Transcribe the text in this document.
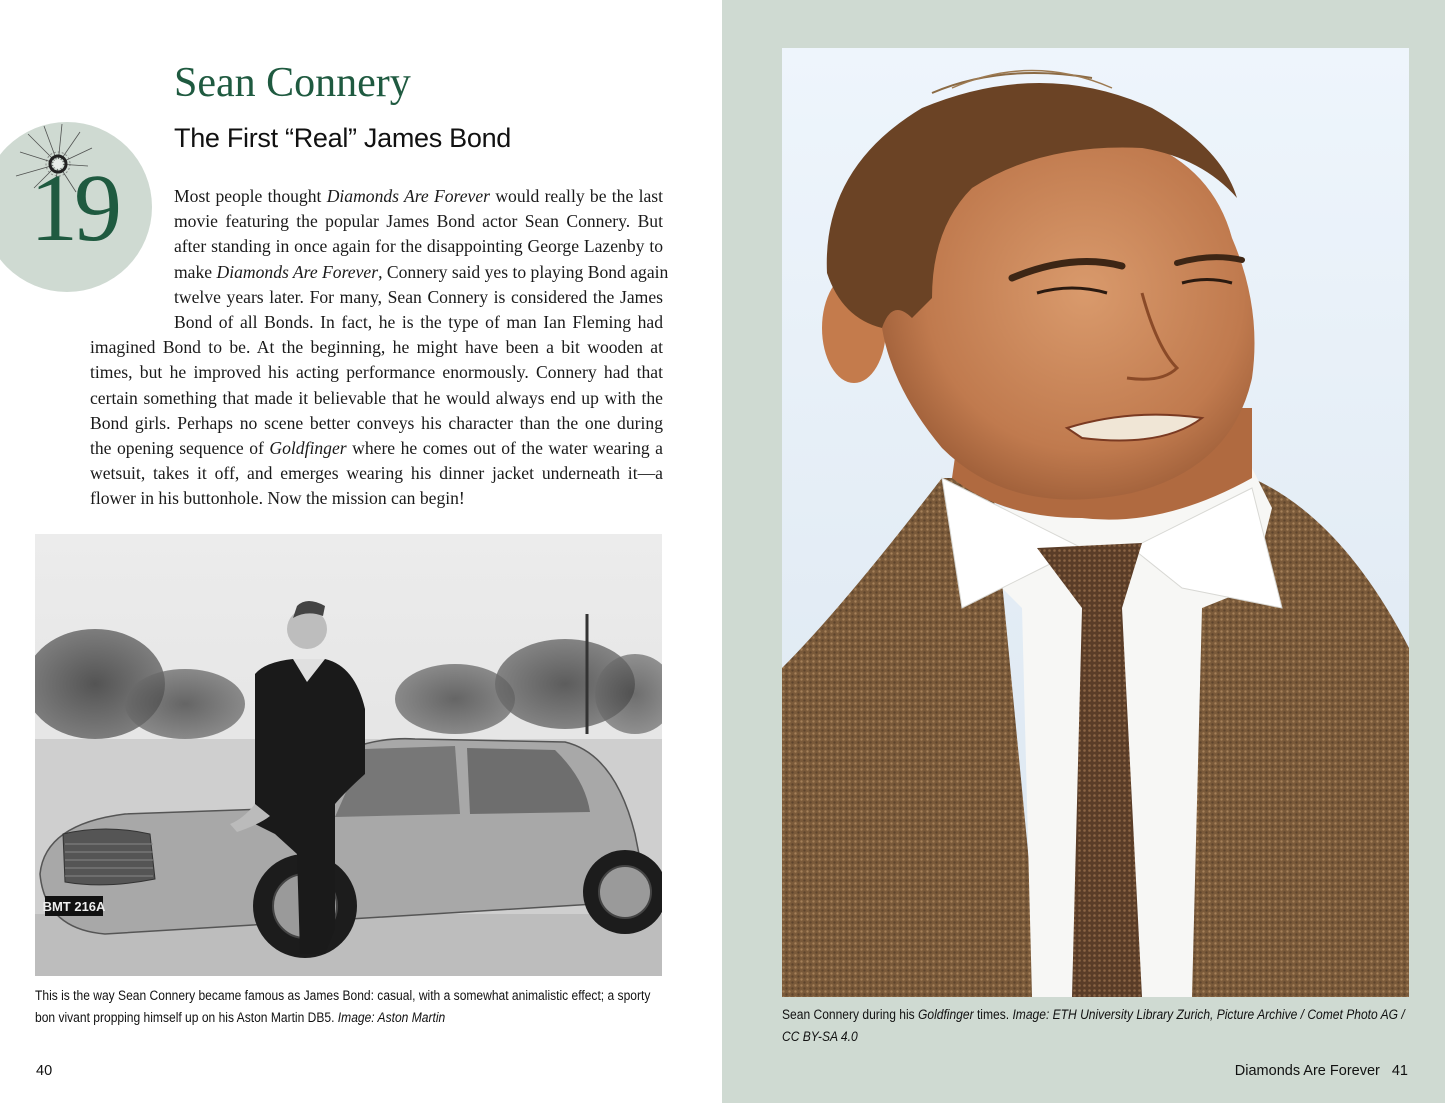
19
Sean Connery
The First “Real” James Bond
Most people thought Diamonds Are Forever would really be the last
movie featuring the popular James Bond actor Sean Connery. But
after standing in once again for the disappointing George Lazenby to
make Diamonds Are Forever, Connery said yes to playing Bond again
twelve years later. For many, Sean Connery is considered the James
Bond of all Bonds. In fact, he is the type of man Ian Fleming had
imagined Bond to be. At the beginning, he might have been a bit wooden at
times, but he improved his acting performance enormously. Connery had that
certain something that made it believable that he would always end up with the
Bond girls. Perhaps no scene better conveys his character than the one during
the opening sequence of Goldfinger where he comes out of the water wearing a
wetsuit, takes it off, and emerges wearing his dinner jacket underneath it—a
flower in his buttonhole. Now the mission can begin!
BMT 216A

This is the way Sean Connery became famous as James Bond: casual, with a somewhat animalistic effect; a sporty bon vivant propping himself up on his Aston Martin DB5. Image: Aston Martin

40

Sean Connery during his Goldfinger times. Image: ETH University Library Zurich, Picture Archive / Comet Photo AG / CC BY-SA 4.0

Diamonds Are Forever 41
